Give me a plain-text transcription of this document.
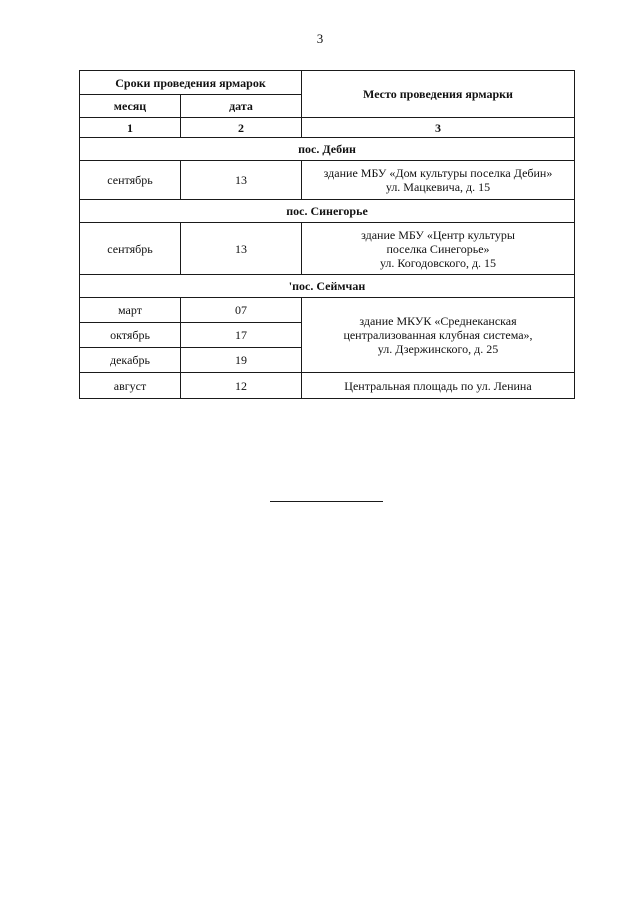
3
Сроки проведения ярмарок		Место проведения ярмарки
месяц	дата	
1	2	3
пос. Дебин		
сентябрь	13	здание МБУ «Дом культуры поселка Дебин»
ул. Мацкевича, д. 15

пос. Синегорье		
сентябрь	13	здание МБУ «Центр культуры
поселка Синегорье»
ул. Когодовского, д. 15

'пос. Сеймчан		
март	07	здание МКУК «Среднеканская
централизованная клубная система»,
ул. Дзержинского, д. 25

октябрь	17	
декабрь	19	
август	12	Центральная площадь по ул. Ленина
